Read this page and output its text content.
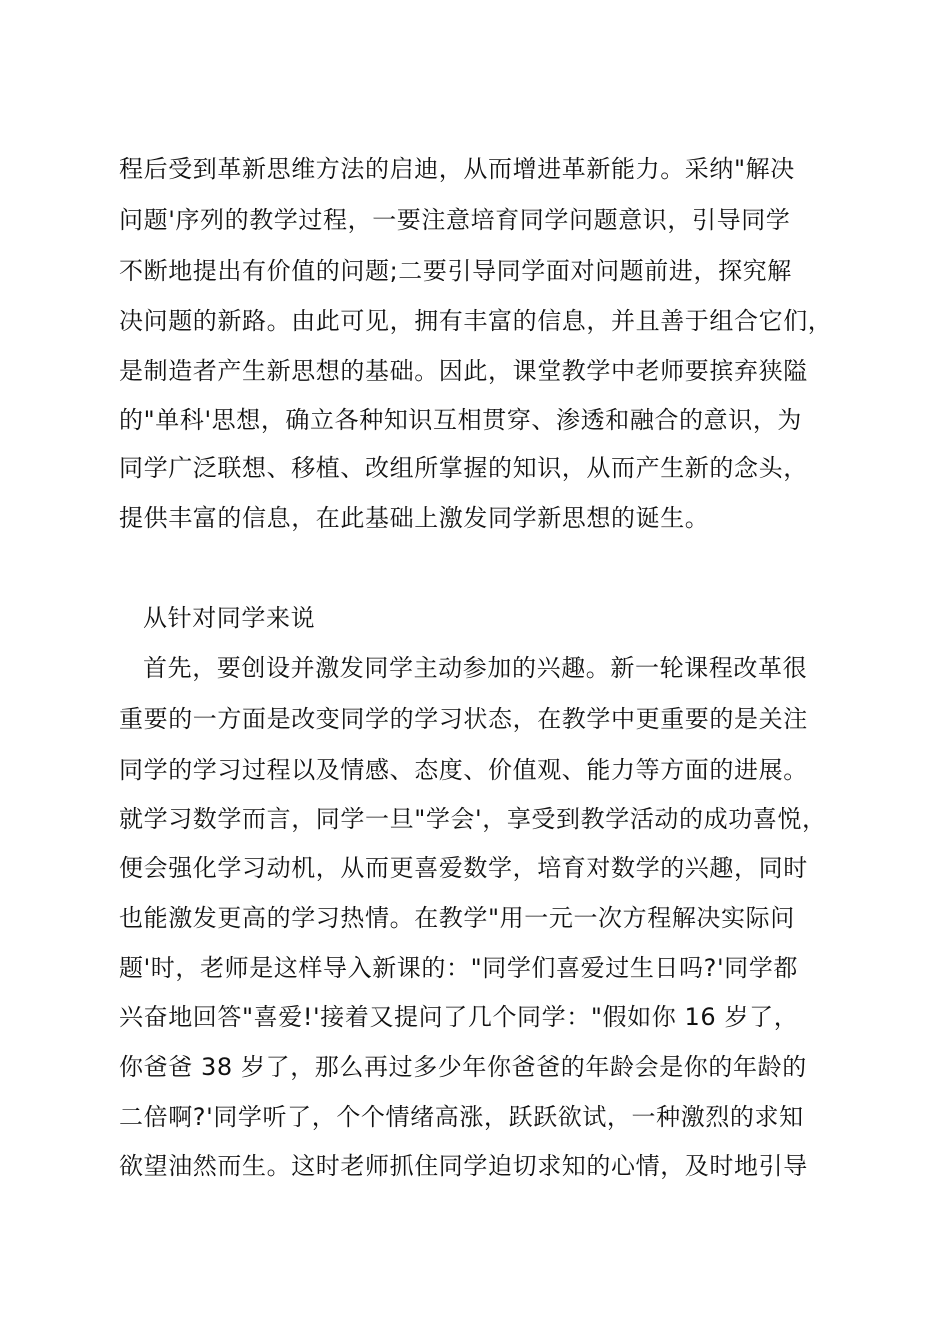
程后受到革新思维方法的启迪，从而增进革新能力。采纳"解决
问题'序列的教学过程，一要注意培育同学问题意识，引导同学
不断地提出有价值的问题;二要引导同学面对问题前进，探究解
决问题的新路。由此可见，拥有丰富的信息，并且善于组合它们，
是制造者产生新思想的基础。因此，课堂教学中老师要摈弃狭隘
的"单科'思想，确立各种知识互相贯穿、渗透和融合的意识，为
同学广泛联想、移植、改组所掌握的知识，从而产生新的念头，
提供丰富的信息，在此基础上激发同学新思想的诞生。
从针对同学来说
首先，要创设并激发同学主动参加的兴趣。新一轮课程改革很
重要的一方面是改变同学的学习状态，在教学中更重要的是关注
同学的学习过程以及情感、态度、价值观、能力等方面的进展。
就学习数学而言，同学一旦"学会'，享受到教学活动的成功喜悦，
便会强化学习动机，从而更喜爱数学，培育对数学的兴趣，同时
也能激发更高的学习热情。在教学"用一元一次方程解决实际问
题'时，老师是这样导入新课的："同学们喜爱过生日吗?'同学都
兴奋地回答"喜爱!'接着又提问了几个同学："假如你 16 岁了，
你爸爸 38 岁了，那么再过多少年你爸爸的年龄会是你的年龄的
二倍啊?'同学听了，个个情绪高涨，跃跃欲试，一种激烈的求知
欲望油然而生。这时老师抓住同学迫切求知的心情，及时地引导
